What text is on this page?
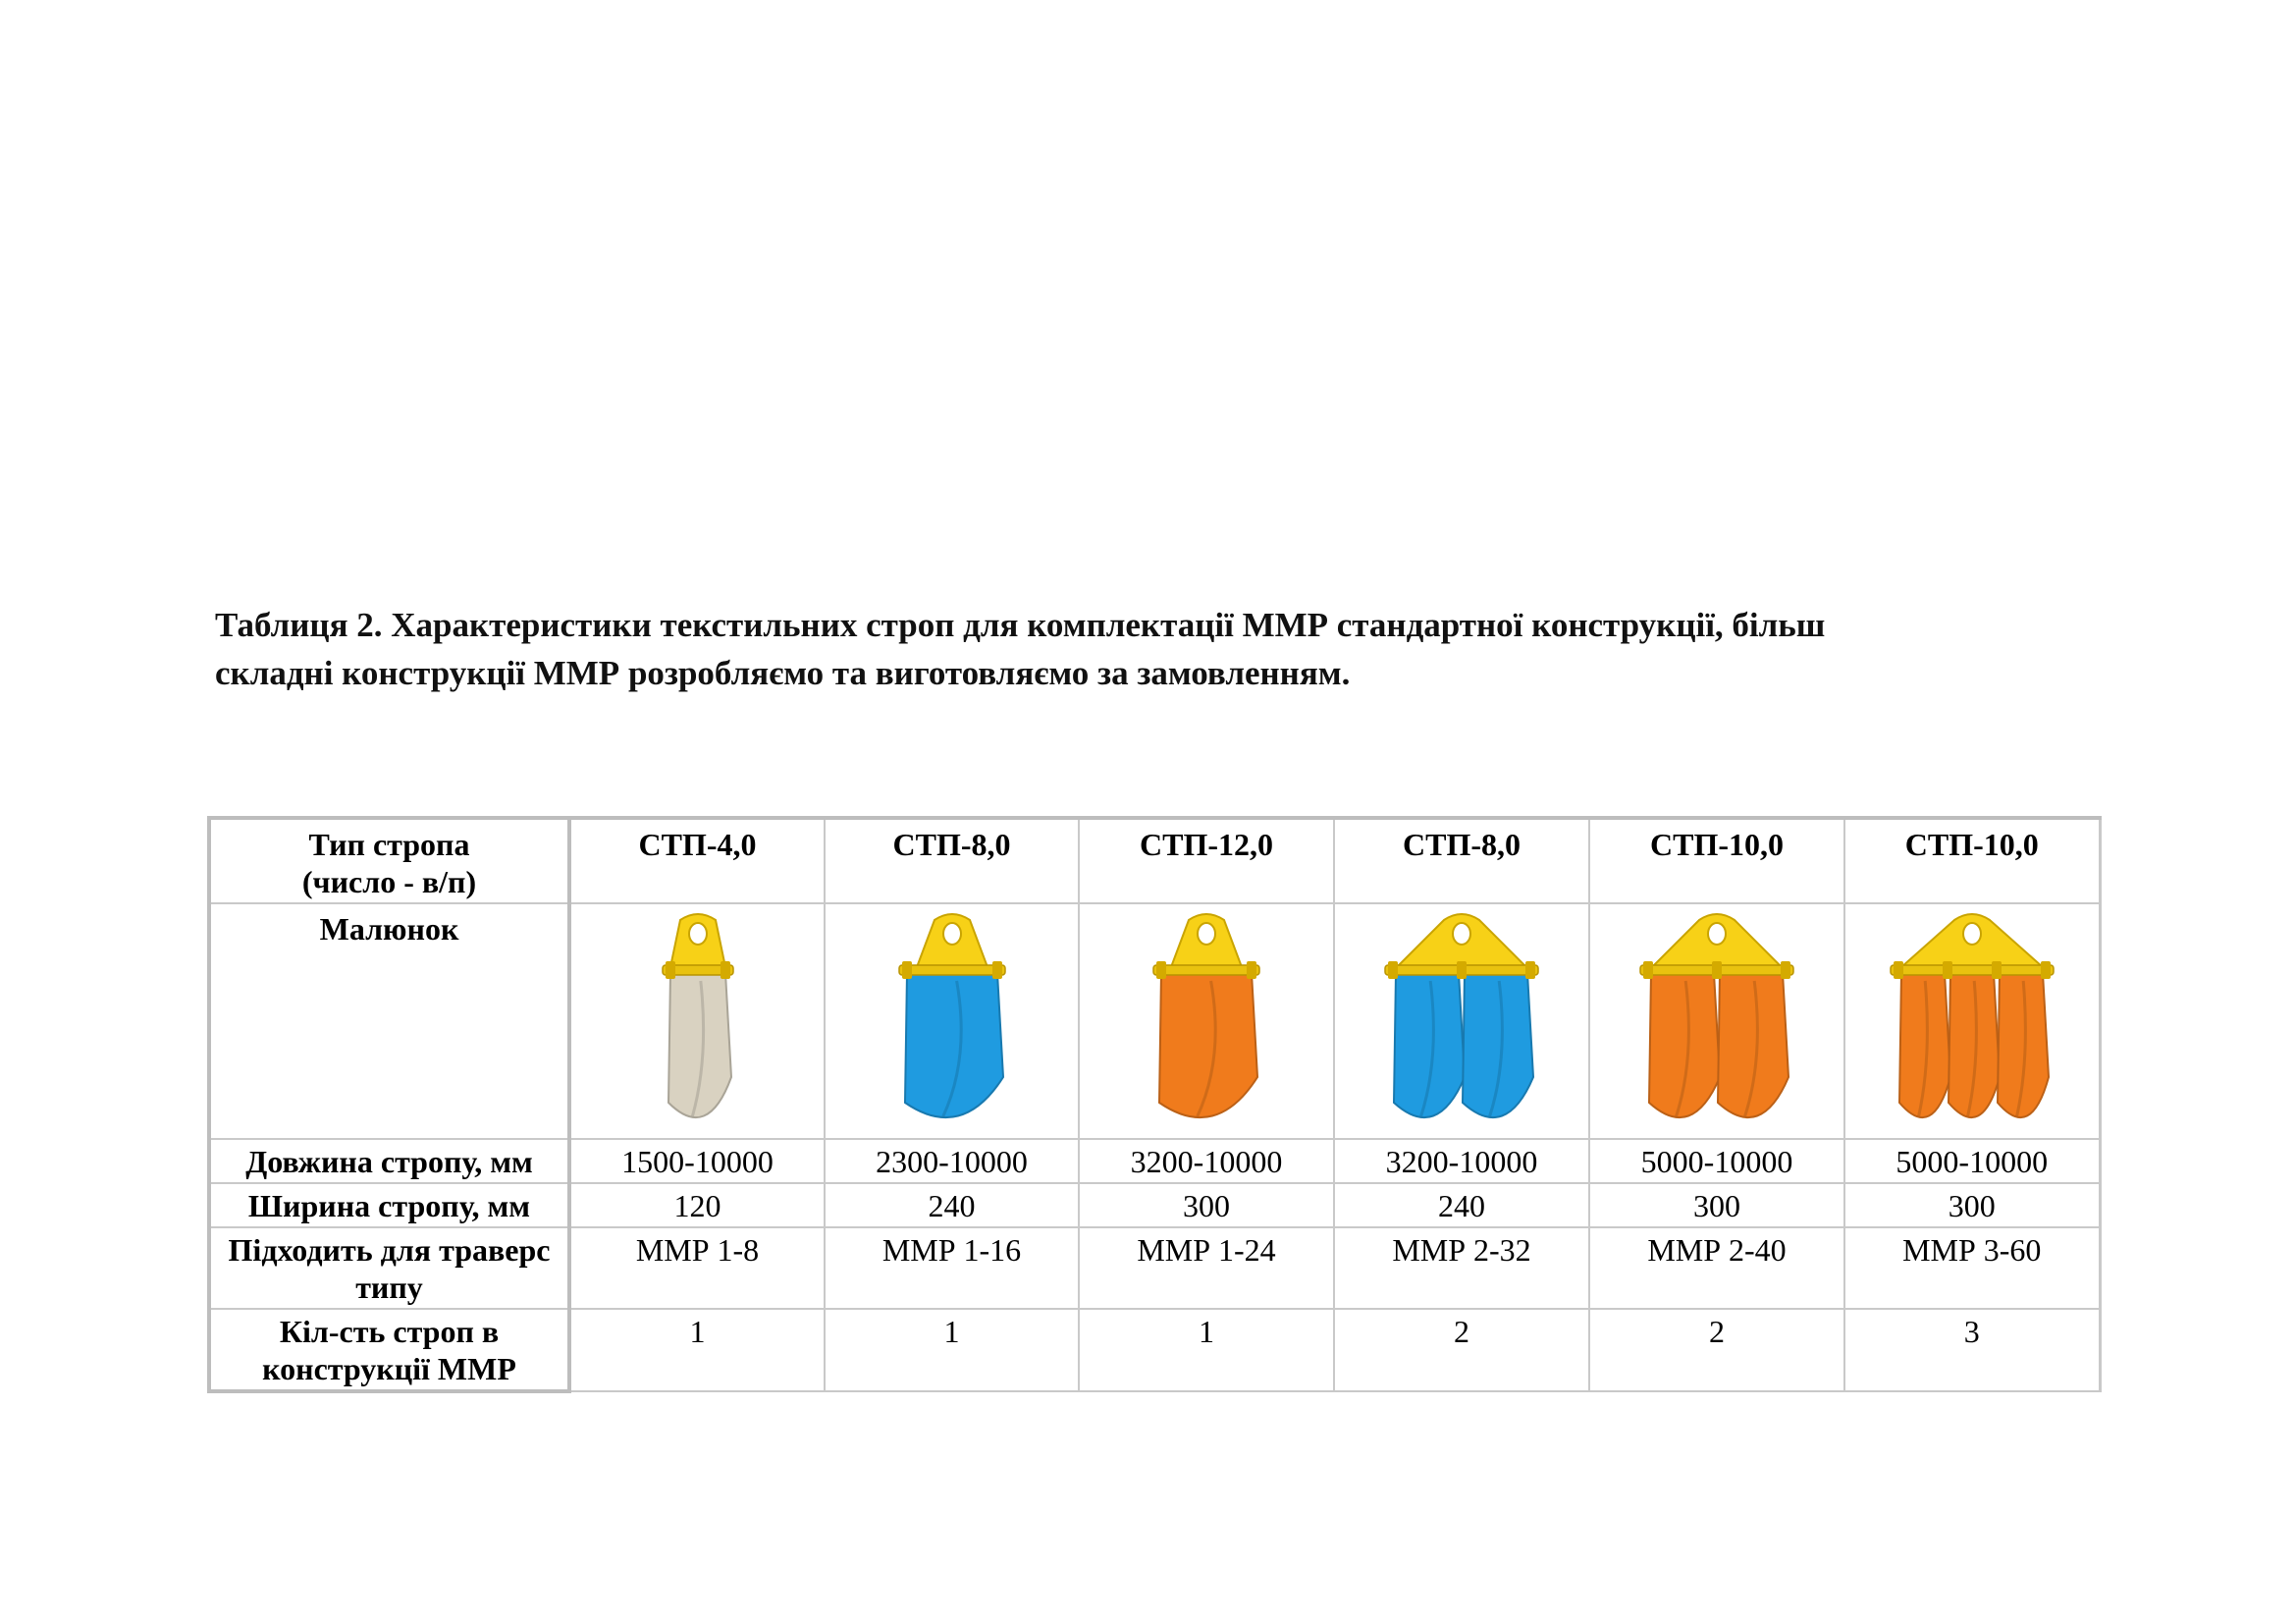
Таблиця 2. Характеристики текстильних строп для комплектації ММР стандартної конструкції, більш
складні конструкції ММР розробляємо та виготовляємо за замовленням.
Тип стропа
(число - в/п)	СТП-4,0	СТП-8,0	СТП-12,0	СТП-8,0	СТП-10,0	СТП-10,0
Малюнок	

Довжина стропу, мм	1500-10000	2300-10000	3200-10000	3200-10000	5000-10000	5000-10000
Ширина стропу, мм	120	240	300	240	300	300

Підходить для траверс
типу	ММР 1-8	ММР 1-16	ММР 1-24	ММР 2-32	ММР 2-40	ММР 3-60

Кіл-сть строп в
конструкції ММР	1	1	1	2	2	3
